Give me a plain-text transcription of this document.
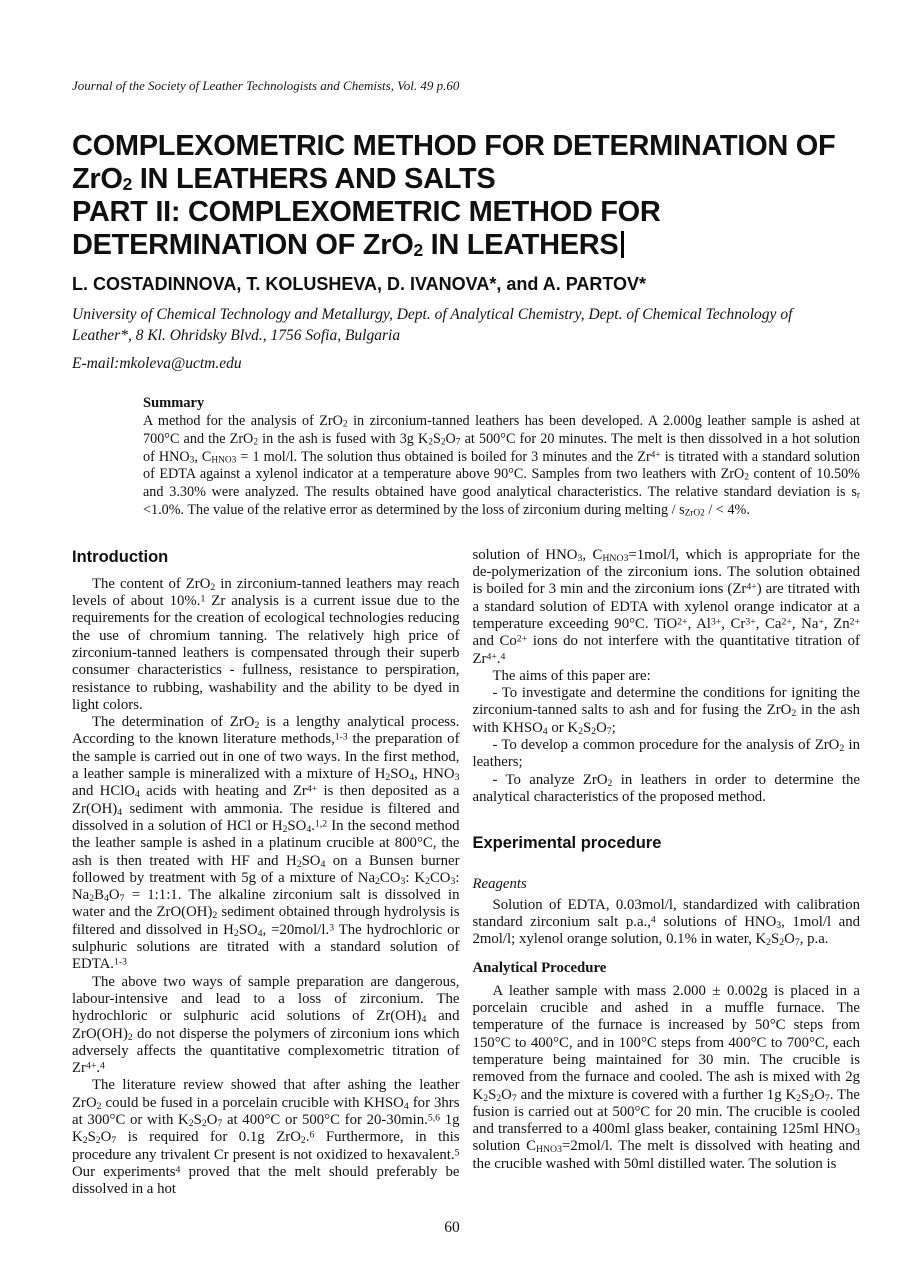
Journal of the Society of Leather Technologists and Chemists, Vol. 49 p.60
COMPLEXOMETRIC METHOD FOR DETERMINATION OF
ZrO$_2$ IN LEATHERS AND SALTS
PART II: COMPLEXOMETRIC METHOD FOR
DETERMINATION OF ZrO$_2$ IN LEATHERS
L. COSTADINNOVA, T. KOLUSHEVA, D. IVANOVA*, and A. PARTOV*
University of Chemical Technology and Metallurgy, Dept. of Analytical Chemistry, Dept. of Chemical Technology of
Leather*, 8 Kl. Ohridsky Blvd., 1756 Sofia, Bulgaria
E-mail:mkoleva@uctm.edu
Summary
A method for the analysis of ZrO$_2$ in zirconium-tanned leathers has been developed. A 2.000g leather sample is ashed at 700°C and the ZrO$_2$ in the ash is fused with 3g $K_2S_2O_7$ at 500°C for 20 minutes. The melt is then dissolved in a hot solution of $HNO_3$, $C_{HNO3} = 1$ mol/l. The solution thus obtained is boiled for 3 minutes and the $Zr^{4+}$ is titrated with a standard solution of EDTA against a xylenol indicator at a temperature above 90°C. Samples from two leathers with ZrO$_2$ content of 10.50% and 3.30% were analyzed. The results obtained have good analytical characteristics. The relative standard deviation is $s_r <1.0\%$. The value of the relative error as determined by the loss of zirconium during melting / $s_{ZrO2}$ / < 4%.
Introduction

The content of ZrO$_2$ in zirconium-tanned leathers may reach levels of about 10%.$^1$ Zr analysis is a current issue due to the requirements for the creation of ecological technologies reducing the use of chromium tanning. The relatively high price of zirconium-tanned leathers is compensated through their superb consumer characteristics - fullness, resistance to perspiration, resistance to rubbing, washability and the ability to be dyed in light colors.

The determination of ZrO$_2$ is a lengthy analytical process. According to the known literature methods,$^{1-3}$ the preparation of the sample is carried out in one of two ways. In the first method, a leather sample is mineralized with a mixture of $H_2SO_4$, $HNO_3$ and HClO$_4$ acids with heating and $Zr^{4+}$ is then deposited as a $Zr(OH)_4$ sediment with ammonia. The residue is filtered and dissolved in a solution of HCl or $H_2SO_4.^{1,2}$ In the second method the leather sample is ashed in a platinum crucible at 800°C, the ash is then treated with HF and $H_2SO_4$ on a Bunsen burner followed by treatment with 5g of a mixture of $Na_2CO_3$: $K_2CO_3$: $Na_2B_4O_7$ = 1:1:1. The alkaline zirconium salt is dissolved in water and the $ZrO(OH)_2$ sediment obtained through hydrolysis is filtered and dissolved in $H_2SO_4$, =20mol/l.$^3$ The hydrochloric or sulphuric solutions are titrated with a standard solution of EDTA.$^{1-3}$

The above two ways of sample preparation are dangerous, labour-intensive and lead to a loss of zirconium. The hydrochloric or sulphuric acid solutions of $Zr(OH)_4$ and $ZrO(OH)_2$ do not disperse the polymers of zirconium ions which adversely affects the quantitative complexometric titration of $Zr^{4+}.^4$

The literature review showed that after ashing the leather ZrO$_2$ could be fused in a porcelain crucible with $KHSO_4$ for 3hrs at 300°C or with $K_2S_2O_7$ at 400°C or 500°C for 20-30min.$^{5,6}$ 1g $K_2S_2O_7$ is required for 0.1g ZrO$_2$.$^6$ Furthermore, in this procedure any trivalent Cr present is not oxidized to hexavalent.$^5$ Our experiments$^4$ proved that the melt should preferably be dissolved in a hot

solution of $HNO_3$, $C_{HNO3}=1mol/l$, which is appropriate for the de-polymerization of the zirconium ions. The solution obtained is boiled for 3 min and the zirconium ions $(Zr^{4+})$ are titrated with a standard solution of EDTA with xylenol orange indicator at a temperature exceeding 90°C. TiO$^{2+}$, $Al^{3+}$, $Cr^{3+}$, $Ca^{2+}$, Na+, $Zn^{2+}$ and $Co^{2+}$ ions do not interfere with the quantitative titration of $Zr^{4+}.^4$

The aims of this paper are:

- To investigate and determine the conditions for igniting the zirconium-tanned salts to ash and for fusing the ZrO$_2$ in the ash with $KHSO_4$ or $K_2S_2O_7$;

- To develop a common procedure for the analysis of ZrO$_2$ in leathers;

- To analyze ZrO$_2$ in leathers in order to determine the analytical characteristics of the proposed method.

Experimental procedure
Reagents

Solution of EDTA, 0.03mol/l, standardized with calibration standard zirconium salt p.a.,$^4$ solutions of $HNO_3$, 1mol/l and 2mol/l; xylenol orange solution, 0.1% in water, $K_2S_2O_7$, p.a.

Analytical Procedure

A leather sample with mass 2.000 ± 0.002g is placed in a porcelain crucible and ashed in a muffle furnace. The temperature of the furnace is increased by 50°C steps from 150°C to 400°C, and in 100°C steps from 400°C to 700°C, each temperature being maintained for 30 min. The crucible is removed from the furnace and cooled. The ash is mixed with 2g $K_2S_2O_7$ and the mixture is covered with a further 1g $K_2S_2O_7$. The fusion is carried out at 500°C for 20 min. The crucible is cooled and transferred to a 400ml glass beaker, containing 125ml $HNO_3$ solution $C_{HNO3}=2mol/l$. The melt is dissolved with heating and the crucible washed with 50ml distilled water. The solution is

60
